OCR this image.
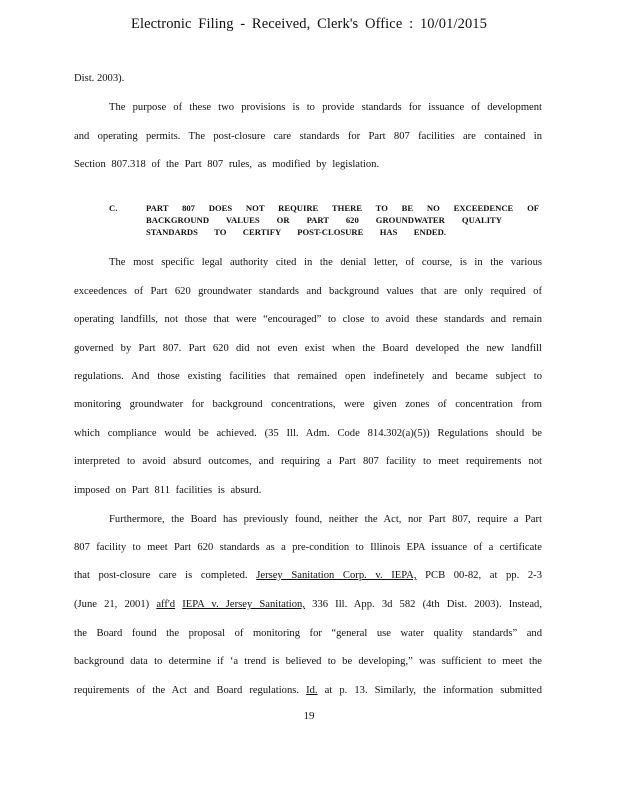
Electronic Filing - Received, Clerk's Office : 10/01/2015
Dist. 2003).
The purpose of these two provisions is to provide standards for issuance of development
and operating permits. The post-closure care standards for Part 807 facilities are contained in
Section 807.318 of the Part 807 rules, as modified by legislation.
C.	PART 807 DOES NOT REQUIRE THERE TO BE NO EXCEEDENCE OF
BACKGROUND VALUES OR PART 620 GROUNDWATER QUALITY
STANDARDS TO CERTIFY POST-CLOSURE HAS ENDED.
The most specific legal authority cited in the denial letter, of course, is in the various
exceedences of Part 620 groundwater standards and background values that are only required of
operating landfills, not those that were “encouraged” to close to avoid these standards and remain
governed by Part 807. Part 620 did not even exist when the Board developed the new landfill
regulations. And those existing facilities that remained open indefinetely and became subject to
monitoring groundwater for background concentrations, were given zones of concentration from
which compliance would be achieved. (35 Ill. Adm. Code 814.302(a)(5)) Regulations should be
interpreted to avoid absurd outcomes, and requiring a Part 807 facility to meet requirements not
imposed on Part 811 facilities is absurd.
Furthermore, the Board has previously found, neither the Act, nor Part 807, require a Part
807 facility to meet Part 620 standards as a pre-condition to Illinois EPA issuance of a certificate
that post-closure care is completed. Jersey Sanitation Corp. v. IEPA, PCB 00-82, at pp. 2-3
(June 21, 2001) aff'd IEPA v. Jersey Sanitation, 336 Ill. App. 3d 582 (4th Dist. 2003). Instead,
the Board found the proposal of monitoring for “general use water quality standards” and
background data to determine if ‘a trend is believed to be developing,” was sufficient to meet the
requirements of the Act and Board regulations. Id. at p. 13. Similarly, the information submitted
19
